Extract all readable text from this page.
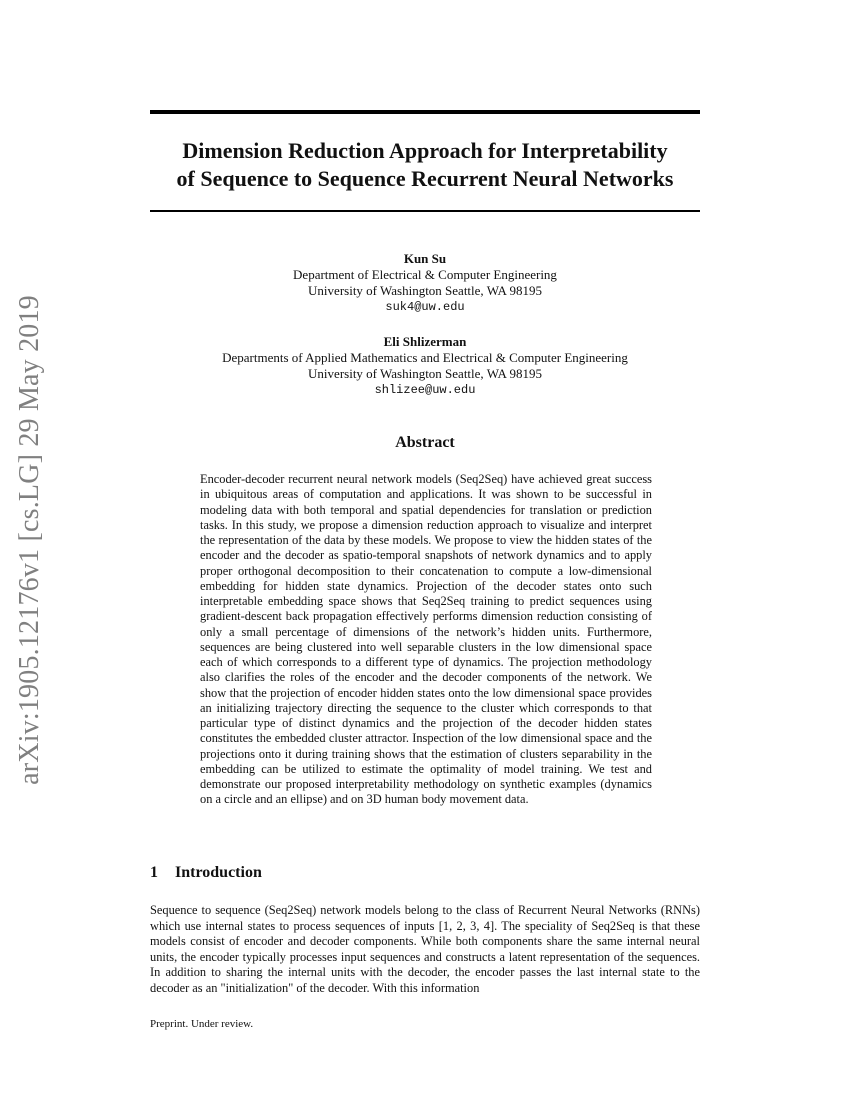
arXiv:1905.12176v1 [cs.LG] 29 May 2019
Dimension Reduction Approach for Interpretability
of Sequence to Sequence Recurrent Neural Networks
Kun Su
Department of Electrical & Computer Engineering
University of Washington Seattle, WA 98195
suk4@uw.edu
Eli Shlizerman
Departments of Applied Mathematics and Electrical & Computer Engineering
University of Washington Seattle, WA 98195
shlizee@uw.edu
Abstract
Encoder-decoder recurrent neural network models (Seq2Seq) have achieved great success in ubiquitous areas of computation and applications. It was shown to be successful in modeling data with both temporal and spatial dependencies for translation or prediction tasks. In this study, we propose a dimension reduction approach to visualize and interpret the representation of the data by these models. We propose to view the hidden states of the encoder and the decoder as spatio-temporal snapshots of network dynamics and to apply proper orthogonal decomposition to their concatenation to compute a low-dimensional embedding for hidden state dynamics. Projection of the decoder states onto such interpretable embedding space shows that Seq2Seq training to predict sequences using gradient-descent back propagation effectively performs dimension reduction consisting of only a small percentage of dimensions of the network’s hidden units. Furthermore, sequences are being clustered into well separable clusters in the low dimensional space each of which corresponds to a different type of dynamics. The projection methodology also clarifies the roles of the encoder and the decoder components of the network. We show that the projection of encoder hidden states onto the low dimensional space provides an initializing trajectory directing the sequence to the cluster which corresponds to that particular type of distinct dynamics and the projection of the decoder hidden states constitutes the embedded cluster attractor. Inspection of the low dimensional space and the projections onto it during training shows that the estimation of clusters separability in the embedding can be utilized to estimate the optimality of model training. We test and demonstrate our proposed interpretability methodology on synthetic examples (dynamics on a circle and an ellipse) and on 3D human body movement data.
1 Introduction
Sequence to sequence (Seq2Seq) network models belong to the class of Recurrent Neural Networks (RNNs) which use internal states to process sequences of inputs [1, 2, 3, 4]. The speciality of Seq2Seq is that these models consist of encoder and decoder components. While both components share the same internal neural units, the encoder typically processes input sequences and constructs a latent representation of the sequences. In addition to sharing the internal units with the decoder, the encoder passes the last internal state to the decoder as an "initialization" of the decoder. With this information
Preprint. Under review.
